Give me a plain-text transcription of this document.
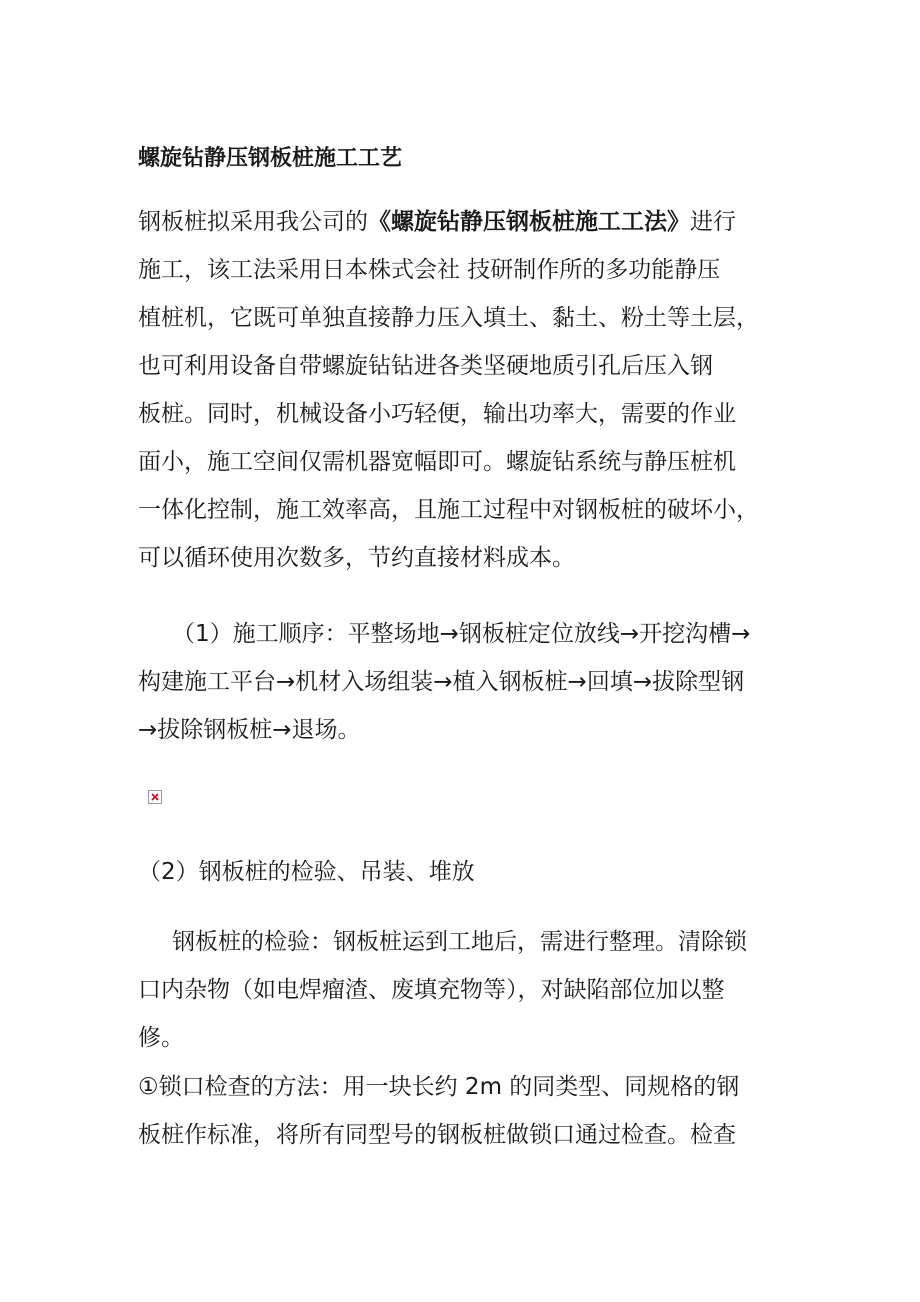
螺旋钻静压钢板桩施工工艺
钢板桩拟采用我公司的《螺旋钻静压钢板桩施工工法》进行
施工，该工法采用日本株式会社 技研制作所的多功能静压
植桩机，它既可单独直接静力压入填土、黏土、粉土等土层，
也可利用设备自带螺旋钻钻进各类坚硬地质引孔后压入钢
板桩。同时，机械设备小巧轻便，输出功率大，需要的作业
面小，施工空间仅需机器宽幅即可。螺旋钻系统与静压桩机
一体化控制，施工效率高，且施工过程中对钢板桩的破坏小，
可以循环使用次数多，节约直接材料成本。
（1）施工顺序：平整场地→钢板桩定位放线→开挖沟槽→
构建施工平台→机材入场组装→植入钢板桩→回填→拔除型钢
→拔除钢板桩→退场。
（2）钢板桩的检验、吊装、堆放
钢板桩的检验：钢板桩运到工地后，需进行整理。清除锁
口内杂物（如电焊瘤渣、废填充物等），对缺陷部位加以整
修。
①锁口检查的方法：用一块长约 2m 的同类型、同规格的钢
板桩作标准，将所有同型号的钢板桩做锁口通过检查。检查
